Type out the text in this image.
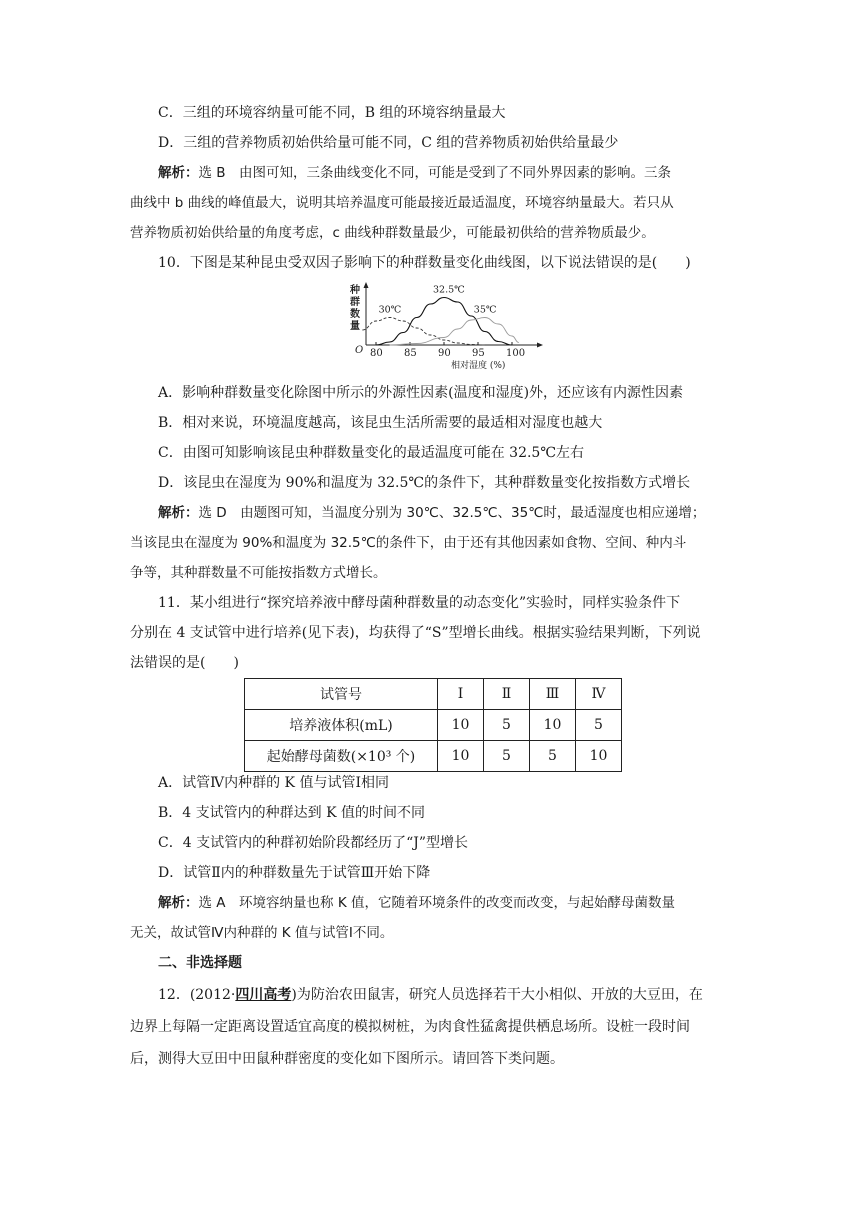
C．三组的环境容纳量可能不同，B 组的环境容纳量最大
D．三组的营养物质初始供给量可能不同，C 组的营养物质初始供给量最少
解析：选 B　由图可知，三条曲线变化不同，可能是受到了不同外界因素的影响。三条
曲线中 b 曲线的峰值最大，说明其培养温度可能最接近最适温度，环境容纳量最大。若只从
营养物质初始供给量的角度考虑，c 曲线种群数量最少，可能最初供给的营养物质最少。
10．下图是某种昆虫受双因子影响下的种群数量变化曲线图，以下说法错误的是(　　)
种群数量
O 80 85 90 95 100
30℃
32.5℃
35℃
相对湿度 (%)
A．影响种群数量变化除图中所示的外源性因素(温度和湿度)外，还应该有内源性因素
B．相对来说，环境温度越高，该昆虫生活所需要的最适相对湿度也越大
C．由图可知影响该昆虫种群数量变化的最适温度可能在 32.5℃左右
D．该昆虫在湿度为 90%和温度为 32.5℃的条件下，其种群数量变化按指数方式增长
解析：选 D　由题图可知，当温度分别为 30℃、32.5℃、35℃时，最适湿度也相应递增；
当该昆虫在湿度为 90%和温度为 32.5℃的条件下，由于还有其他因素如食物、空间、种内斗
争等，其种群数量不可能按指数方式增长。
11．某小组进行“探究培养液中酵母菌种群数量的动态变化”实验时，同样实验条件下
分别在 4 支试管中进行培养(见下表)，均获得了“S”型增长曲线。根据实验结果判断，下列说
法错误的是(　　)
试管号	Ⅰ	Ⅱ	Ⅲ	Ⅳ
培养液体积(mL)	10	5	10	5
起始酵母菌数(×10³ 个)	10	5	5	10
A．试管Ⅳ内种群的 K 值与试管Ⅰ相同
B．4 支试管内的种群达到 K 值的时间不同
C．4 支试管内的种群初始阶段都经历了“J”型增长
D．试管Ⅱ内的种群数量先于试管Ⅲ开始下降
解析：选 A　环境容纳量也称 K 值，它随着环境条件的改变而改变，与起始酵母菌数量
无关，故试管Ⅳ内种群的 K 值与试管Ⅰ不同。
二、非选择题
12．(2012·四川高考)为防治农田鼠害，研究人员选择若干大小相似、开放的大豆田，在
边界上每隔一定距离设置适宜高度的模拟树桩，为肉食性猛禽提供栖息场所。设桩一段时间
后，测得大豆田中田鼠种群密度的变化如下图所示。请回答下类问题。
